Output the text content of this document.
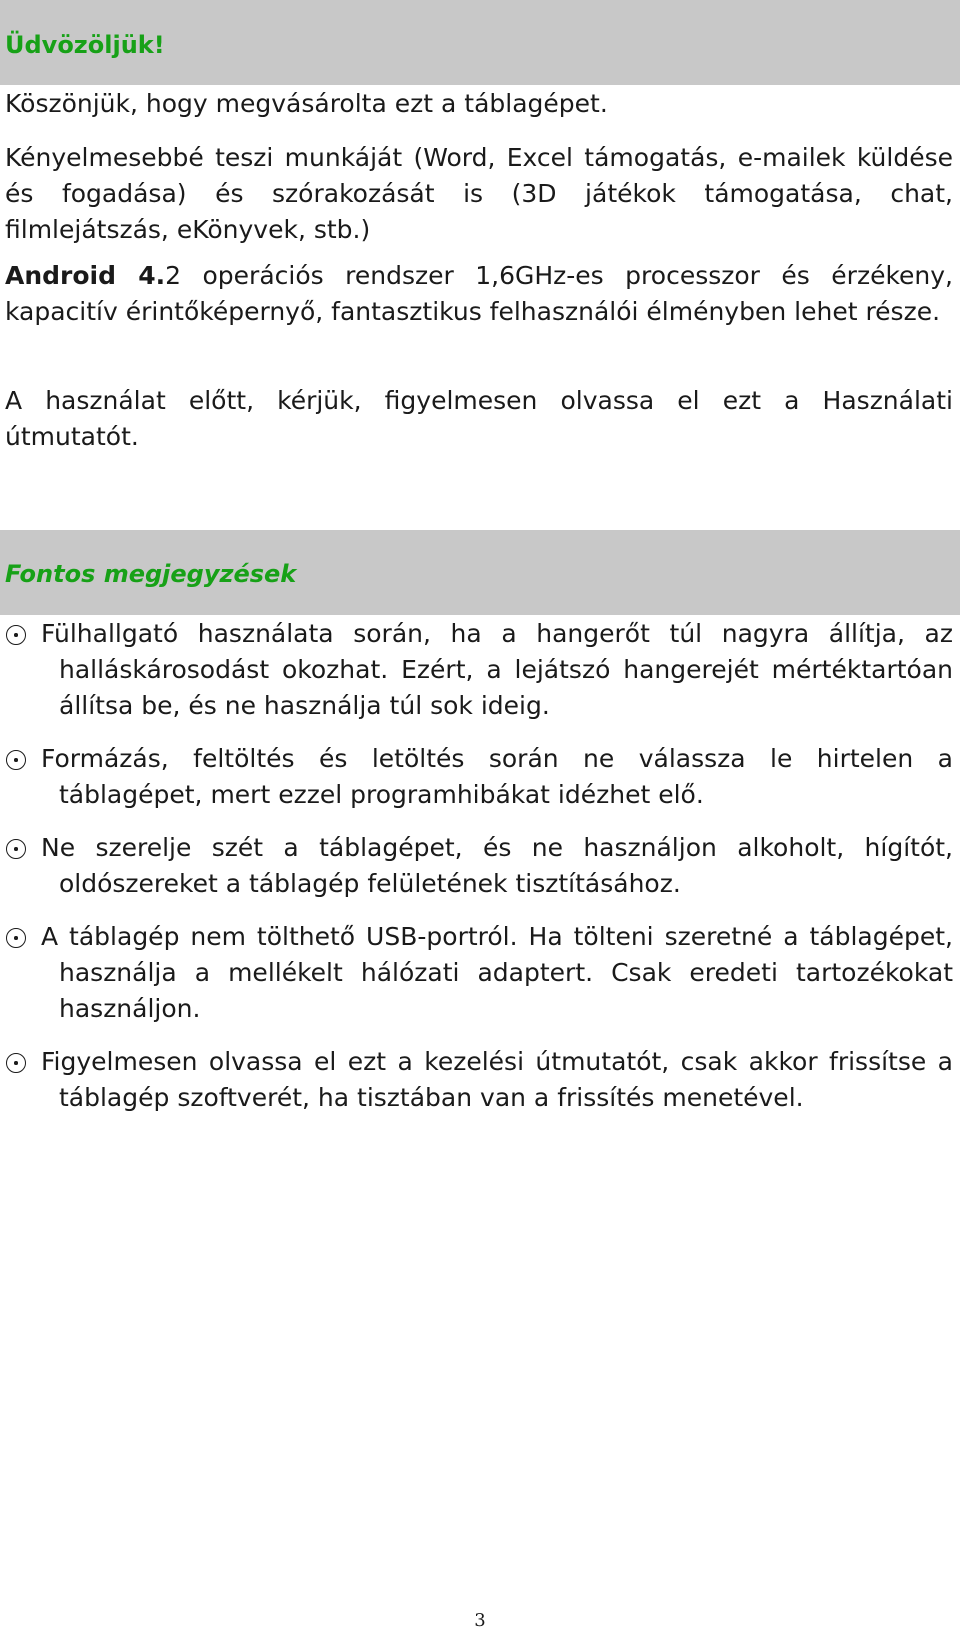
Üdvözöljük!

Köszönjük, hogy megvásárolta ezt a táblagépet.

Kényelmesebbé teszi munkáját (Word, Excel támogatás, e-mailek küldése és fogadása) és szórakozását is (3D játékok támogatása, chat, filmlejátszás, eKönyvek, stb.)

Android 4.2 operációs rendszer 1,6GHz-es processzor és érzékeny, kapacitív érintőképernyő, fantasztikus felhasználói élményben lehet része.

A használat előtt, kérjük, figyelmesen olvassa el ezt a Használati útmutatót.

Fontos megjegyzések

Fülhallgató használata során, ha a hangerőt túl nagyra állítja, az halláskárosodást okozhat. Ezért, a lejátszó hangerejét mértéktartóan állítsa be, és ne használja túl sok ideig.

Formázás, feltöltés és letöltés során ne válassza le hirtelen a táblagépet, mert ezzel programhibákat idézhet elő.

Ne szerelje szét a táblagépet, és ne használjon alkoholt, hígítót, oldószereket a táblagép felületének tisztításához.

A táblagép nem tölthető USB-portról. Ha tölteni szeretné a táblagépet, használja a mellékelt hálózati adaptert. Csak eredeti tartozékokat használjon.

Figyelmesen olvassa el ezt a kezelési útmutatót, csak akkor frissítse a táblagép szoftverét, ha tisztában van a frissítés menetével.

3
